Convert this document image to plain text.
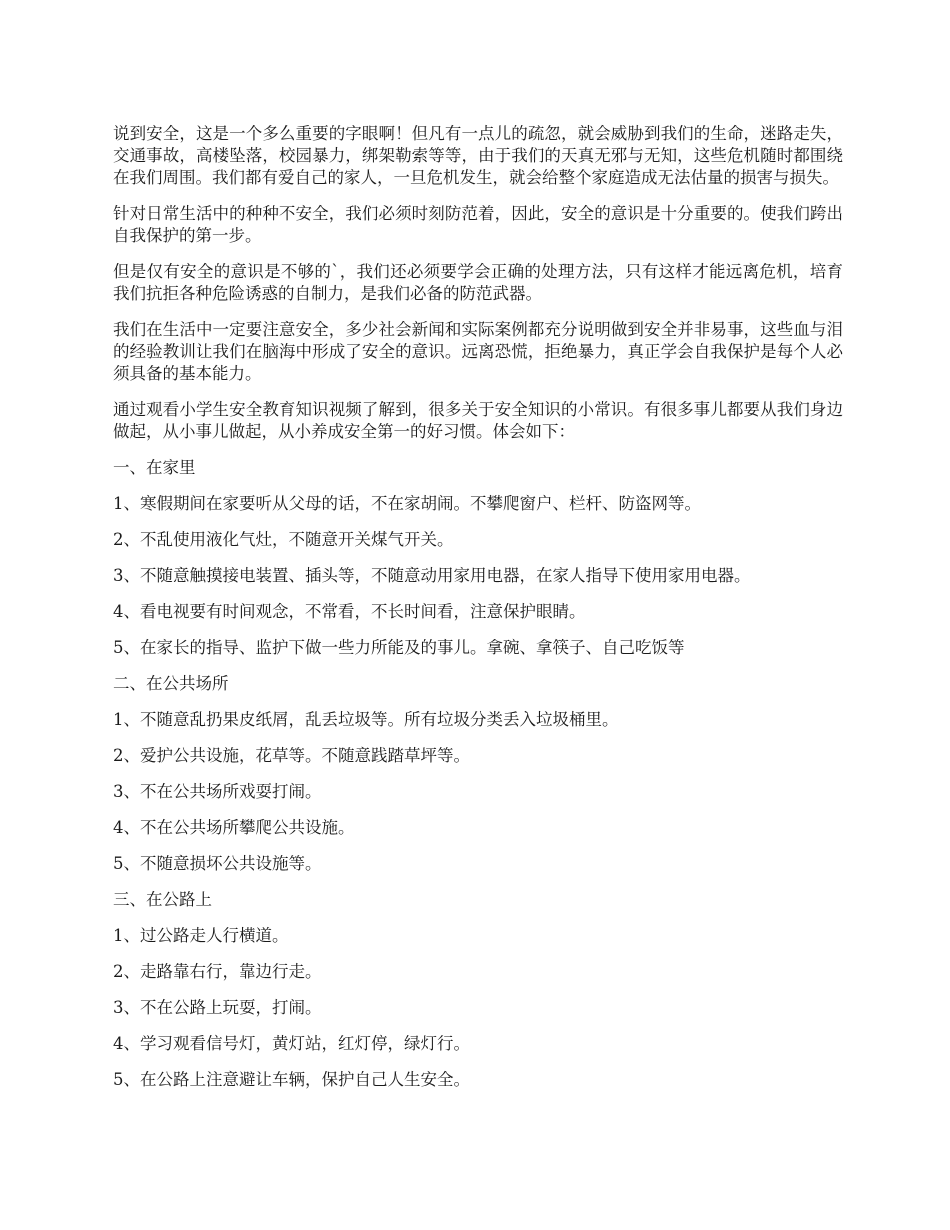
说到安全，这是一个多么重要的字眼啊！但凡有一点儿的疏忽，就会威胁到我们的生命，迷路走失，交通事故，高楼坠落，校园暴力，绑架勒索等等，由于我们的天真无邪与无知，这些危机随时都围绕在我们周围。我们都有爱自己的家人，一旦危机发生，就会给整个家庭造成无法估量的损害与损失。

针对日常生活中的种种不安全，我们必须时刻防范着，因此，安全的意识是十分重要的。使我们跨出自我保护的第一步。

但是仅有安全的意识是不够的`，我们还必须要学会正确的处理方法，只有这样才能远离危机，培育我们抗拒各种危险诱惑的自制力，是我们必备的防范武器。

我们在生活中一定要注意安全，多少社会新闻和实际案例都充分说明做到安全并非易事，这些血与泪的经验教训让我们在脑海中形成了安全的意识。远离恐慌，拒绝暴力，真正学会自我保护是每个人必须具备的基本能力。

通过观看小学生安全教育知识视频了解到，很多关于安全知识的小常识。有很多事儿都要从我们身边做起，从小事儿做起，从小养成安全第一的好习惯。体会如下：

一、在家里

1、寒假期间在家要听从父母的话，不在家胡闹。不攀爬窗户、栏杆、防盗网等。

2、不乱使用液化气灶，不随意开关煤气开关。

3、不随意触摸接电装置、插头等，不随意动用家用电器，在家人指导下使用家用电器。

4、看电视要有时间观念，不常看，不长时间看，注意保护眼睛。

5、在家长的指导、监护下做一些力所能及的事儿。拿碗、拿筷子、自己吃饭等

二、在公共场所

1、不随意乱扔果皮纸屑，乱丢垃圾等。所有垃圾分类丢入垃圾桶里。

2、爱护公共设施，花草等。不随意践踏草坪等。

3、不在公共场所戏耍打闹。

4、不在公共场所攀爬公共设施。

5、不随意损坏公共设施等。

三、在公路上

1、过公路走人行横道。

2、走路靠右行，靠边行走。

3、不在公路上玩耍，打闹。

4、学习观看信号灯，黄灯站，红灯停，绿灯行。

5、在公路上注意避让车辆，保护自己人生安全。
